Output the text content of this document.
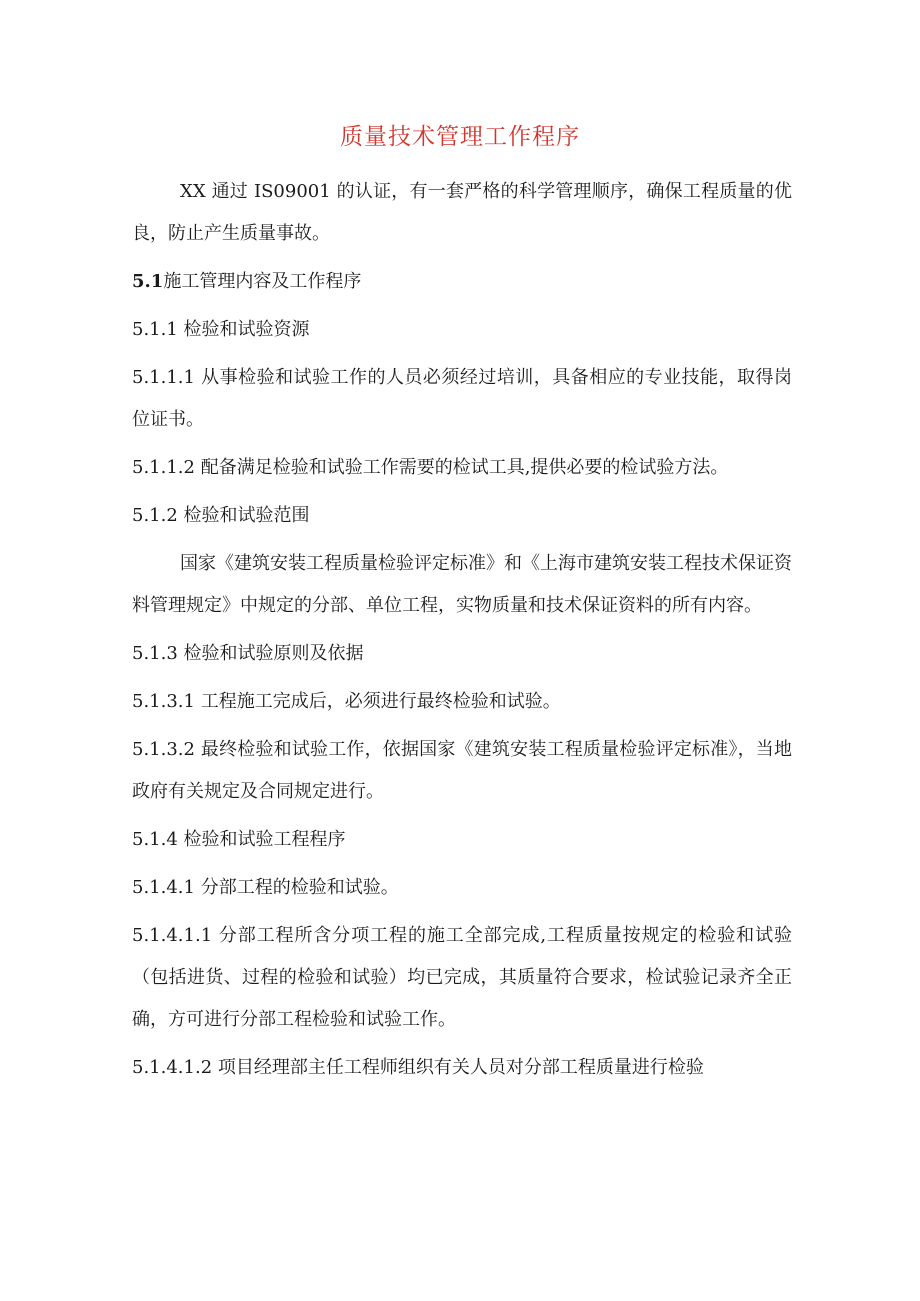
质量技术管理工作程序

XX 通过 IS09001 的认证，有一套严格的科学管理顺序，确保工程质量的优良，防止产生质量事故。

5.1施工管理内容及工作程序

5.1.1 检验和试验资源

5.1.1.1 从事检验和试验工作的人员必须经过培训，具备相应的专业技能，取得岗位证书。

5.1.1.2 配备满足检验和试验工作需要的检试工具,提供必要的检试验方法。

5.1.2 检验和试验范围

国家《建筑安装工程质量检验评定标准》和《上海市建筑安装工程技术保证资料管理规定》中规定的分部、单位工程，实物质量和技术保证资料的所有内容。

5.1.3 检验和试验原则及依据

5.1.3.1 工程施工完成后，必须进行最终检验和试验。

5.1.3.2 最终检验和试验工作，依据国家《建筑安装工程质量检验评定标准》，当地政府有关规定及合同规定进行。

5.1.4 检验和试验工程程序

5.1.4.1 分部工程的检验和试验。

5.1.4.1.1 分部工程所含分项工程的施工全部完成,工程质量按规定的检验和试验（包括进货、过程的检验和试验）均已完成，其质量符合要求，检试验记录齐全正确，方可进行分部工程检验和试验工作。

5.1.4.1.2 项目经理部主任工程师组织有关人员对分部工程质量进行检验
